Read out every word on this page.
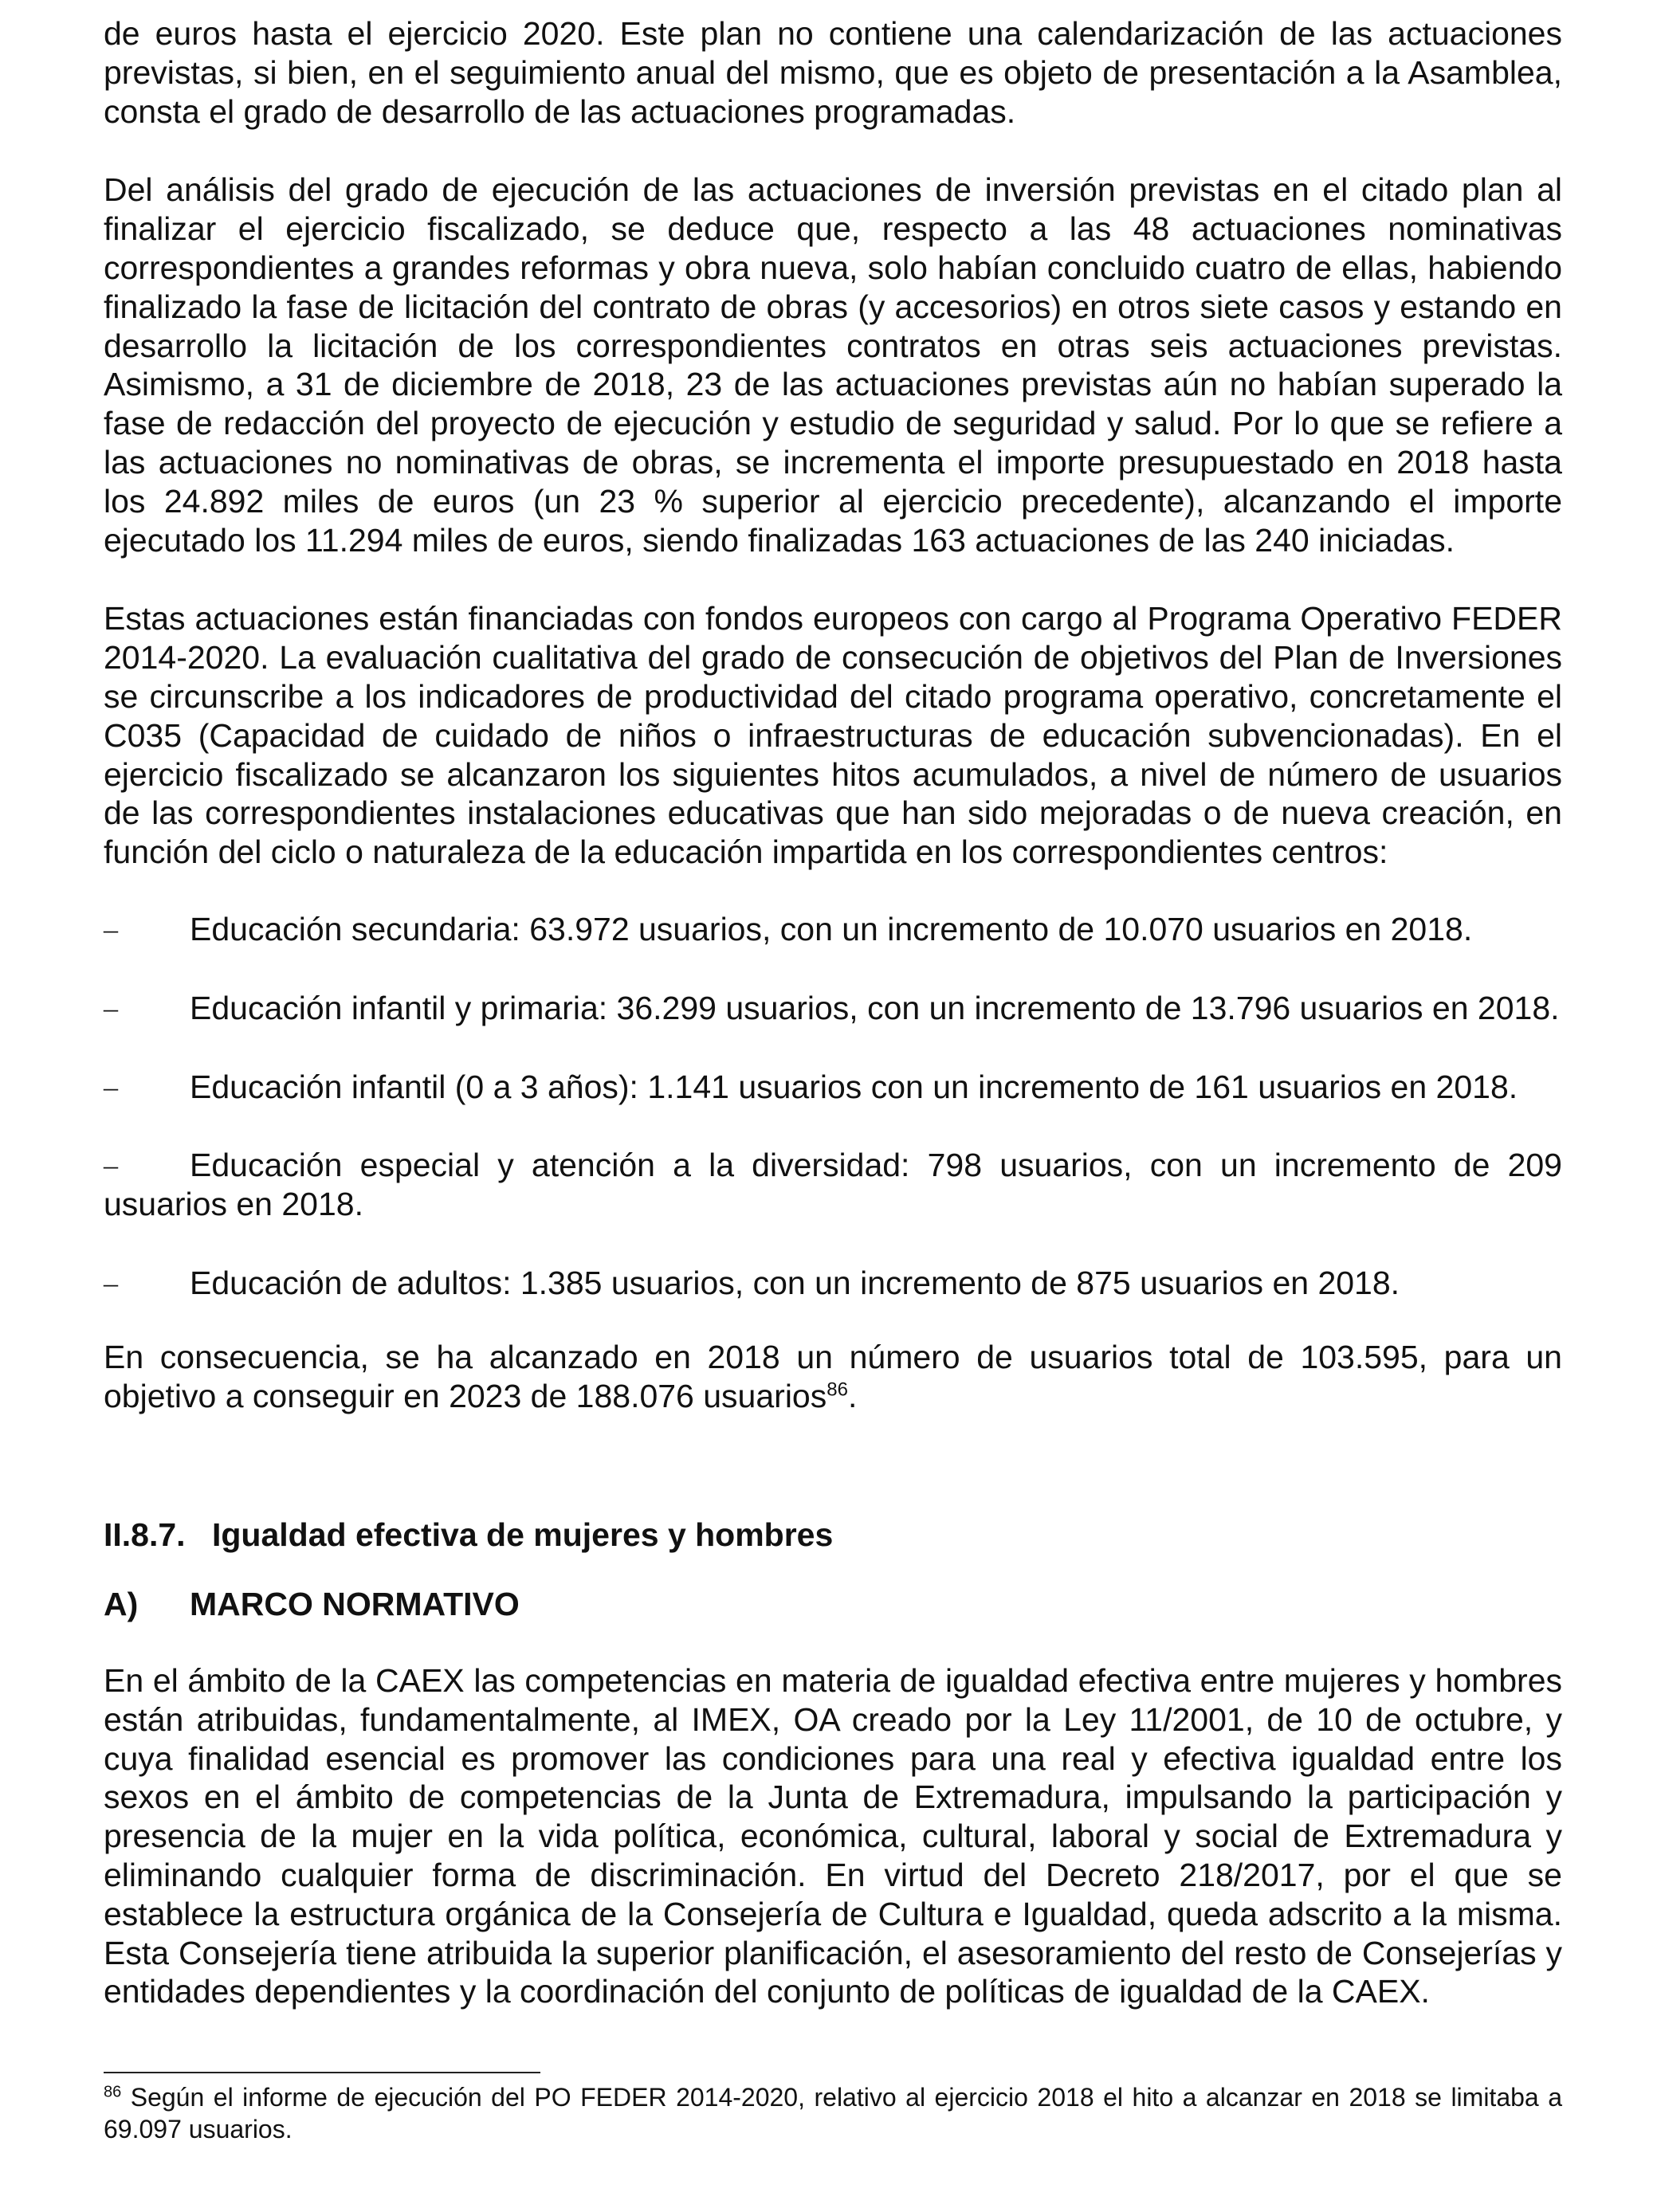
de euros hasta el ejercicio 2020. Este plan no contiene una calendarización de las actuaciones previstas, si bien, en el seguimiento anual del mismo, que es objeto de presentación a la Asamblea, consta el grado de desarrollo de las actuaciones programadas.

Del análisis del grado de ejecución de las actuaciones de inversión previstas en el citado plan al finalizar el ejercicio fiscalizado, se deduce que, respecto a las 48 actuaciones nominativas correspondientes a grandes reformas y obra nueva, solo habían concluido cuatro de ellas, habiendo finalizado la fase de licitación del contrato de obras (y accesorios) en otros siete casos y estando en desarrollo la licitación de los correspondientes contratos en otras seis actuaciones previstas. Asimismo, a 31 de diciembre de 2018, 23 de las actuaciones previstas aún no habían superado la fase de redacción del proyecto de ejecución y estudio de seguridad y salud. Por lo que se refiere a las actuaciones no nominativas de obras, se incrementa el importe presupuestado en 2018 hasta los 24.892 miles de euros (un 23 % superior al ejercicio precedente), alcanzando el importe ejecutado los 11.294 miles de euros, siendo finalizadas 163 actuaciones de las 240 iniciadas.

Estas actuaciones están financiadas con fondos europeos con cargo al Programa Operativo FEDER 2014-2020. La evaluación cualitativa del grado de consecución de objetivos del Plan de Inversiones se circunscribe a los indicadores de productividad del citado programa operativo, concretamente el C035 (Capacidad de cuidado de niños o infraestructuras de educación subvencionadas). En el ejercicio fiscalizado se alcanzaron los siguientes hitos acumulados, a nivel de número de usuarios de las correspondientes instalaciones educativas que han sido mejoradas o de nueva creación, en función del ciclo o naturaleza de la educación impartida en los correspondientes centros:

– Educación secundaria: 63.972 usuarios, con un incremento de 10.070 usuarios en 2018.
– Educación infantil y primaria: 36.299 usuarios, con un incremento de 13.796 usuarios en 2018.
– Educación infantil (0 a 3 años): 1.141 usuarios con un incremento de 161 usuarios en 2018.
– Educación especial y atención a la diversidad: 798 usuarios, con un incremento de 209 usuarios en 2018.
– Educación de adultos: 1.385 usuarios, con un incremento de 875 usuarios en 2018.

En consecuencia, se ha alcanzado en 2018 un número de usuarios total de 103.595, para un objetivo a conseguir en 2023 de 188.076 usuarios$^{86}$.

II.8.7. Igualdad efectiva de mujeres y hombres
A) MARCO NORMATIVO

En el ámbito de la CAEX las competencias en materia de igualdad efectiva entre mujeres y hombres están atribuidas, fundamentalmente, al IMEX, OA creado por la Ley 11/2001, de 10 de octubre, y cuya finalidad esencial es promover las condiciones para una real y efectiva igualdad entre los sexos en el ámbito de competencias de la Junta de Extremadura, impulsando la participación y presencia de la mujer en la vida política, económica, cultural, laboral y social de Extremadura y eliminando cualquier forma de discriminación. En virtud del Decreto 218/2017, por el que se establece la estructura orgánica de la Consejería de Cultura e Igualdad, queda adscrito a la misma. Esta Consejería tiene atribuida la superior planificación, el asesoramiento del resto de Consejerías y entidades dependientes y la coordinación del conjunto de políticas de igualdad de la CAEX.

$^{86}$ Según el informe de ejecución del PO FEDER 2014-2020, relativo al ejercicio 2018 el hito a alcanzar en 2018 se limitaba a 69.097 usuarios.
